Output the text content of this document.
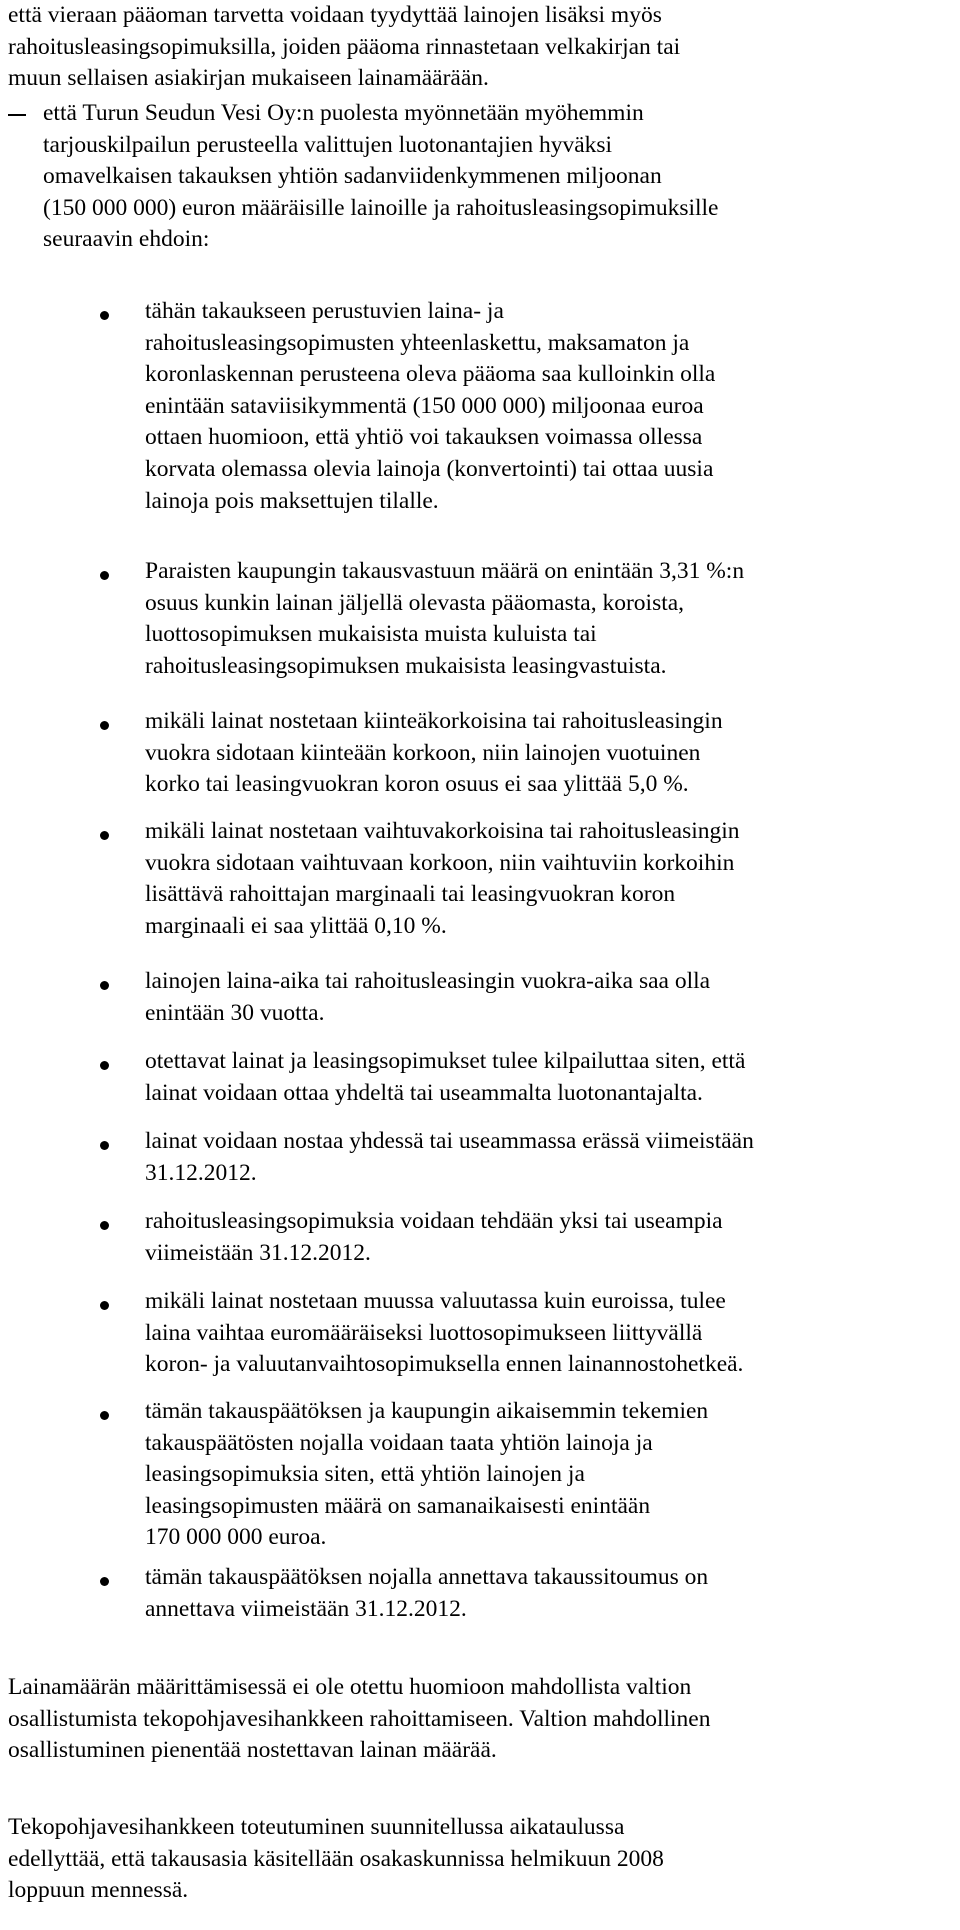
että vieraan pääoman tarvetta voidaan tyydyttää lainojen lisäksi myös
rahoitusleasingsopimuksilla, joiden pääoma rinnastetaan velkakirjan tai
muun sellaisen asiakirjan mukaiseen lainamäärään.
että Turun Seudun Vesi Oy:n puolesta myönnetään myöhemmin
tarjouskilpailun perusteella valittujen luotonantajien hyväksi
omavelkaisen takauksen yhtiön sadanviidenkymmenen miljoonan
(150 000 000) euron määräisille lainoille ja rahoitusleasingsopimuksille
seuraavin ehdoin:
tähän takaukseen perustuvien laina- ja
rahoitusleasingsopimusten yhteenlaskettu, maksamaton ja
koronlaskennan perusteena oleva pääoma saa kulloinkin olla
enintään sataviisikymmentä (150 000 000) miljoonaa euroa
ottaen huomioon, että yhtiö voi takauksen voimassa ollessa
korvata olemassa olevia lainoja (konvertointi) tai ottaa uusia
lainoja pois maksettujen tilalle.
Paraisten kaupungin takausvastuun määrä on enintään 3,31 %:n
osuus kunkin lainan jäljellä olevasta pääomasta, koroista,
luottosopimuksen mukaisista muista kuluista tai
rahoitusleasingsopimuksen mukaisista leasingvastuista.
mikäli lainat nostetaan kiinteäkorkoisina tai rahoitusleasingin
vuokra sidotaan kiinteään korkoon, niin lainojen vuotuinen
korko tai leasingvuokran koron osuus ei saa ylittää 5,0 %.
mikäli lainat nostetaan vaihtuvakorkoisina tai rahoitusleasingin
vuokra sidotaan vaihtuvaan korkoon, niin vaihtuviin korkoihin
lisättävä rahoittajan marginaali tai leasingvuokran koron
marginaali ei saa ylittää 0,10 %.
lainojen laina-aika tai rahoitusleasingin vuokra-aika saa olla
enintään 30 vuotta.
otettavat lainat ja leasingsopimukset tulee kilpailuttaa siten, että
lainat voidaan ottaa yhdeltä tai useammalta luotonantajalta.
lainat voidaan nostaa yhdessä tai useammassa erässä viimeistään
31.12.2012.
rahoitusleasingsopimuksia voidaan tehdään yksi tai useampia
viimeistään 31.12.2012.
mikäli lainat nostetaan muussa valuutassa kuin euroissa, tulee
laina vaihtaa euromääräiseksi luottosopimukseen liittyvällä
koron- ja valuutanvaihtosopimuksella ennen lainannostohetkeä.
tämän takauspäätöksen ja kaupungin aikaisemmin tekemien
takauspäätösten nojalla voidaan taata yhtiön lainoja ja
leasingsopimuksia siten, että yhtiön lainojen ja
leasingsopimusten määrä on samanaikaisesti enintään
170 000 000 euroa.
tämän takauspäätöksen nojalla annettava takaussitoumus on
annettava viimeistään 31.12.2012.
Lainamäärän määrittämisessä ei ole otettu huomioon mahdollista valtion
osallistumista tekopohjavesihankkeen rahoittamiseen. Valtion mahdollinen
osallistuminen pienentää nostettavan lainan määrää.
Tekopohjavesihankkeen toteutuminen suunnitellussa aikataulussa
edellyttää, että takausasia käsitellään osakaskunnissa helmikuun 2008
loppuun mennessä.
